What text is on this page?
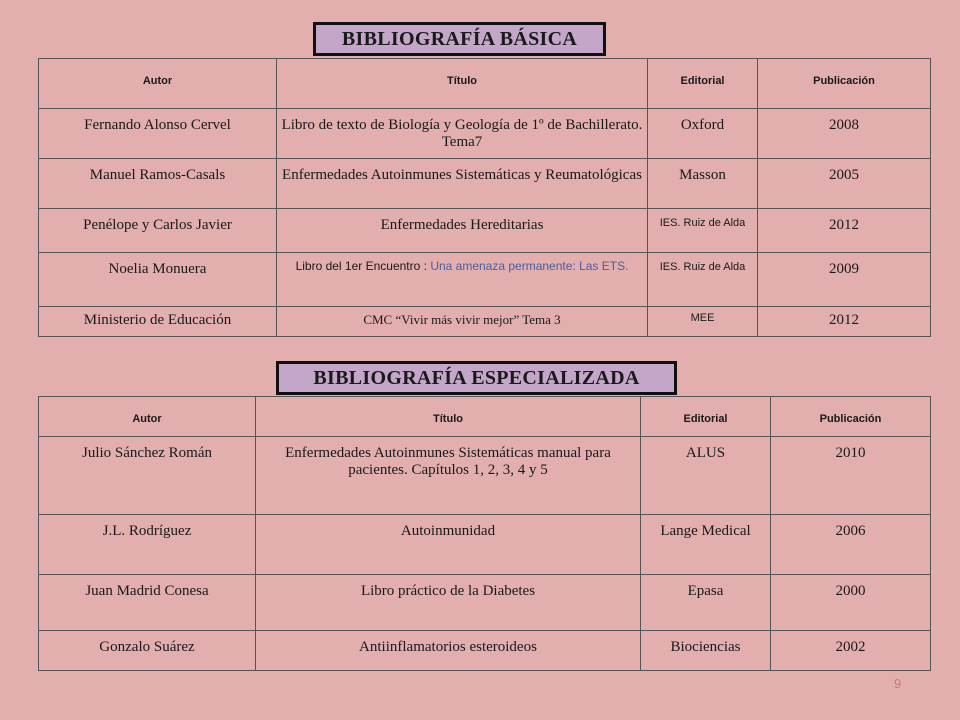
BIBLIOGRAFÍA BÁSICA
Autor	Título	Editorial	Publicación
Fernando Alonso Cervel	Libro de texto de Biología y Geología de 1º de Bachillerato. Tema7	Oxford	2008
Manuel Ramos-Casals	Enfermedades Autoinmunes Sistemáticas y Reumatológicas	Masson	2005
Penélope y Carlos Javier	Enfermedades Hereditarias	IES. Ruiz de Alda	2012
Noelia Monuera	Libro del 1er Encuentro : Una amenaza permanente: Las ETS.	IES. Ruiz de Alda	2009
Ministerio de Educación	CMC “Vivir más vivir mejor” Tema 3	MEE	2012
BIBLIOGRAFÍA ESPECIALIZADA
Autor	Título	Editorial	Publicación
Julio Sánchez Román	Enfermedades Autoinmunes Sistemáticas manual para pacientes. Capítulos 1, 2, 3, 4 y 5	ALUS	2010
J.L. Rodríguez	Autoinmunidad	Lange Medical	2006
Juan Madrid Conesa	Libro práctico de la Diabetes	Epasa	2000
Gonzalo Suárez	Antiinflamatorios esteroideos	Biociencias	2002
9
